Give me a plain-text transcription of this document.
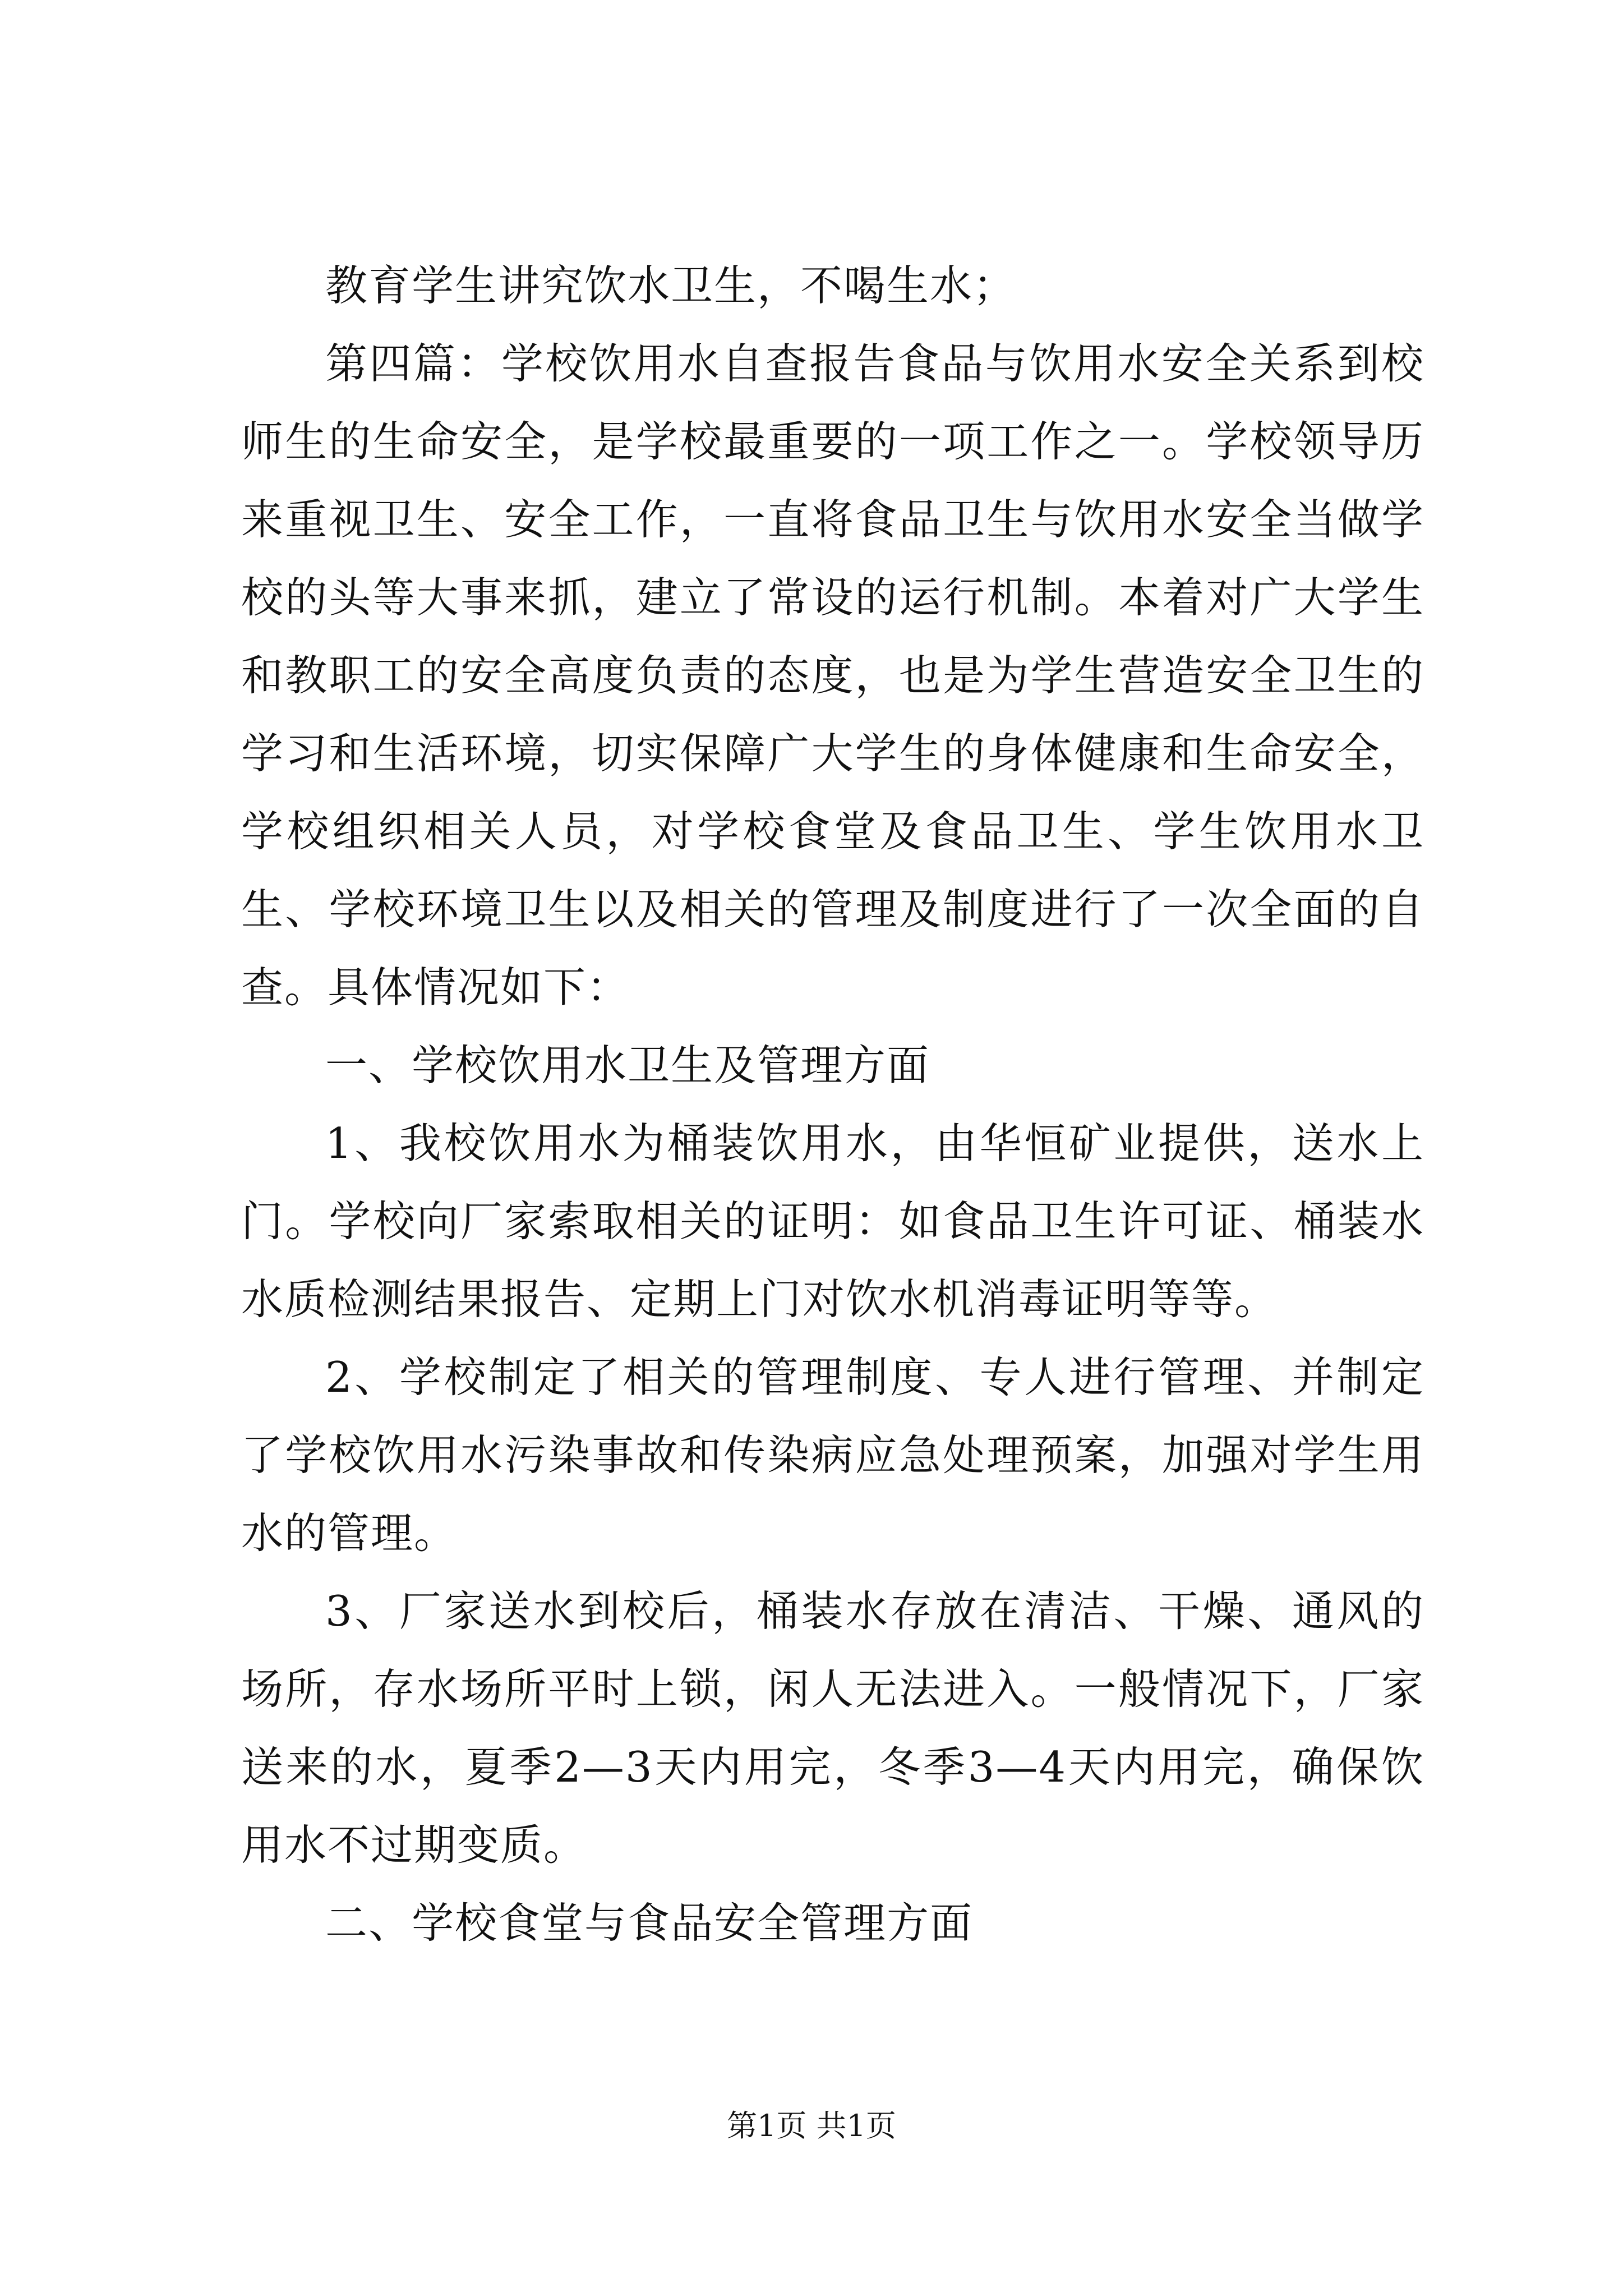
教育学生讲究饮水卫生，不喝生水；

第四篇：学校饮用水自查报告食品与饮用水安全关系到校师生的生命安全，是学校最重要的一项工作之一。学校领导历来重视卫生、安全工作，一直将食品卫生与饮用水安全当做学校的头等大事来抓，建立了常设的运行机制。本着对广大学生和教职工的安全高度负责的态度，也是为学生营造安全卫生的学习和生活环境，切实保障广大学生的身体健康和生命安全，学校组织相关人员，对学校食堂及食品卫生、学生饮用水卫生、学校环境卫生以及相关的管理及制度进行了一次全面的自查。具体情况如下：

一、学校饮用水卫生及管理方面

1、我校饮用水为桶装饮用水，由华恒矿业提供，送水上门。学校向厂家索取相关的证明：如食品卫生许可证、桶装水水质检测结果报告、定期上门对饮水机消毒证明等等。

2、学校制定了相关的管理制度、专人进行管理、并制定了学校饮用水污染事故和传染病应急处理预案，加强对学生用水的管理。

3、厂家送水到校后，桶装水存放在清洁、干燥、通风的场所，存水场所平时上锁，闲人无法进入。一般情况下，厂家送来的水，夏季2—3天内用完，冬季3—4天内用完，确保饮用水不过期变质。

二、学校食堂与食品安全管理方面

第1页 共1页
